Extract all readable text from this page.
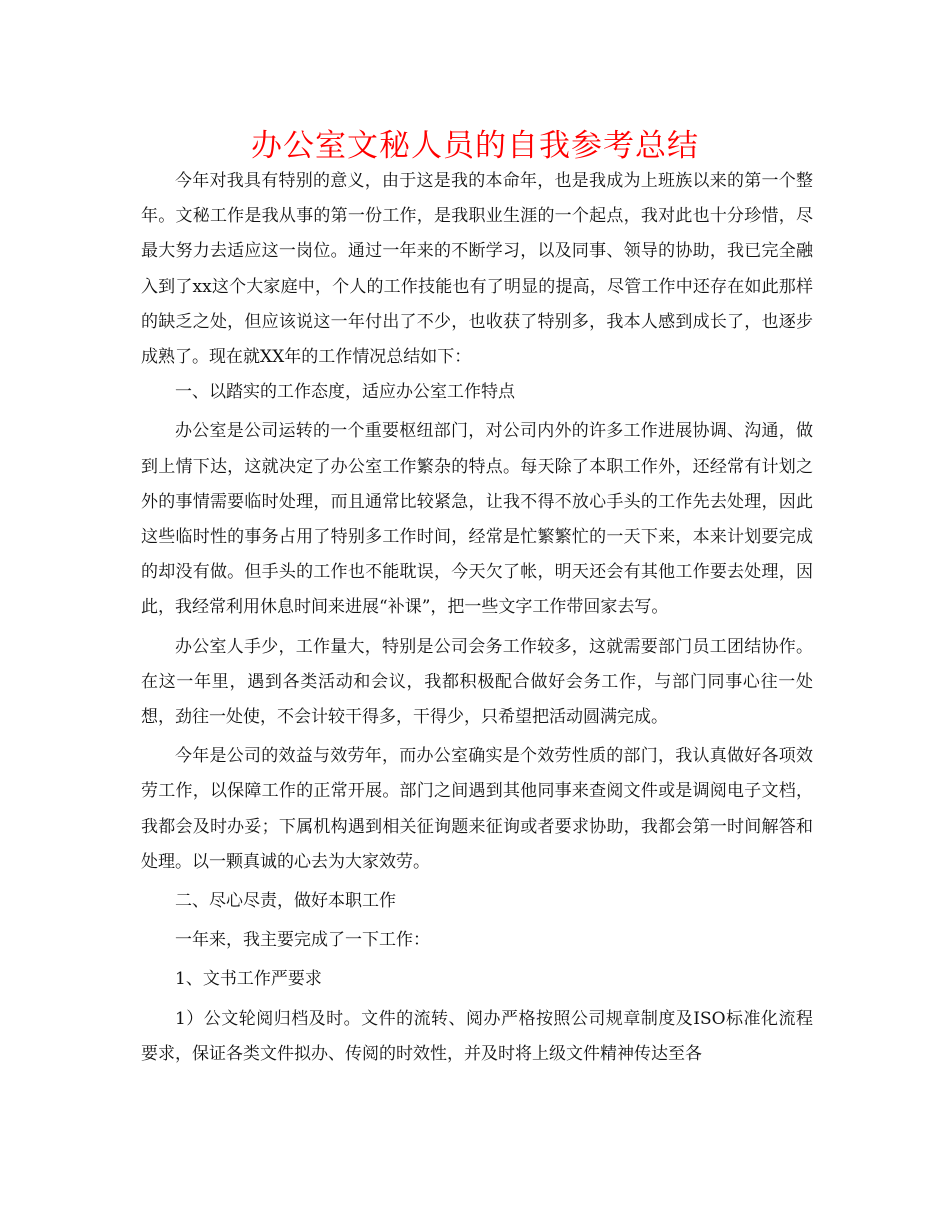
办公室文秘人员的自我参考总结

今年对我具有特别的意义，由于这是我的本命年，也是我成为上班族以来的第一个整年。文秘工作是我从事的第一份工作，是我职业生涯的一个起点，我对此也十分珍惜，尽最大努力去适应这一岗位。通过一年来的不断学习，以及同事、领导的协助，我已完全融入到了xx这个大家庭中，个人的工作技能也有了明显的提高，尽管工作中还存在如此那样的缺乏之处，但应该说这一年付出了不少，也收获了特别多，我本人感到成长了，也逐步成熟了。现在就XX年的工作情况总结如下：

一、以踏实的工作态度，适应办公室工作特点

办公室是公司运转的一个重要枢纽部门，对公司内外的许多工作进展协调、沟通，做到上情下达，这就决定了办公室工作繁杂的特点。每天除了本职工作外，还经常有计划之外的事情需要临时处理，而且通常比较紧急，让我不得不放心手头的工作先去处理，因此这些临时性的事务占用了特别多工作时间，经常是忙繁繁忙的一天下来，本来计划要完成的却没有做。但手头的工作也不能耽误，今天欠了帐，明天还会有其他工作要去处理，因此，我经常利用休息时间来进展“补课”，把一些文字工作带回家去写。

办公室人手少，工作量大，特别是公司会务工作较多，这就需要部门员工团结协作。在这一年里，遇到各类活动和会议，我都积极配合做好会务工作，与部门同事心往一处想，劲往一处使，不会计较干得多，干得少，只希望把活动圆满完成。

今年是公司的效益与效劳年，而办公室确实是个效劳性质的部门，我认真做好各项效劳工作，以保障工作的正常开展。部门之间遇到其他同事来查阅文件或是调阅电子文档，我都会及时办妥；下属机构遇到相关征询题来征询或者要求协助，我都会第一时间解答和处理。以一颗真诚的心去为大家效劳。

二、尽心尽责，做好本职工作

一年来，我主要完成了一下工作：

1、文书工作严要求

1）公文轮阅归档及时。文件的流转、阅办严格按照公司规章制度及ISO标准化流程要求，保证各类文件拟办、传阅的时效性，并及时将上级文件精神传达至各
